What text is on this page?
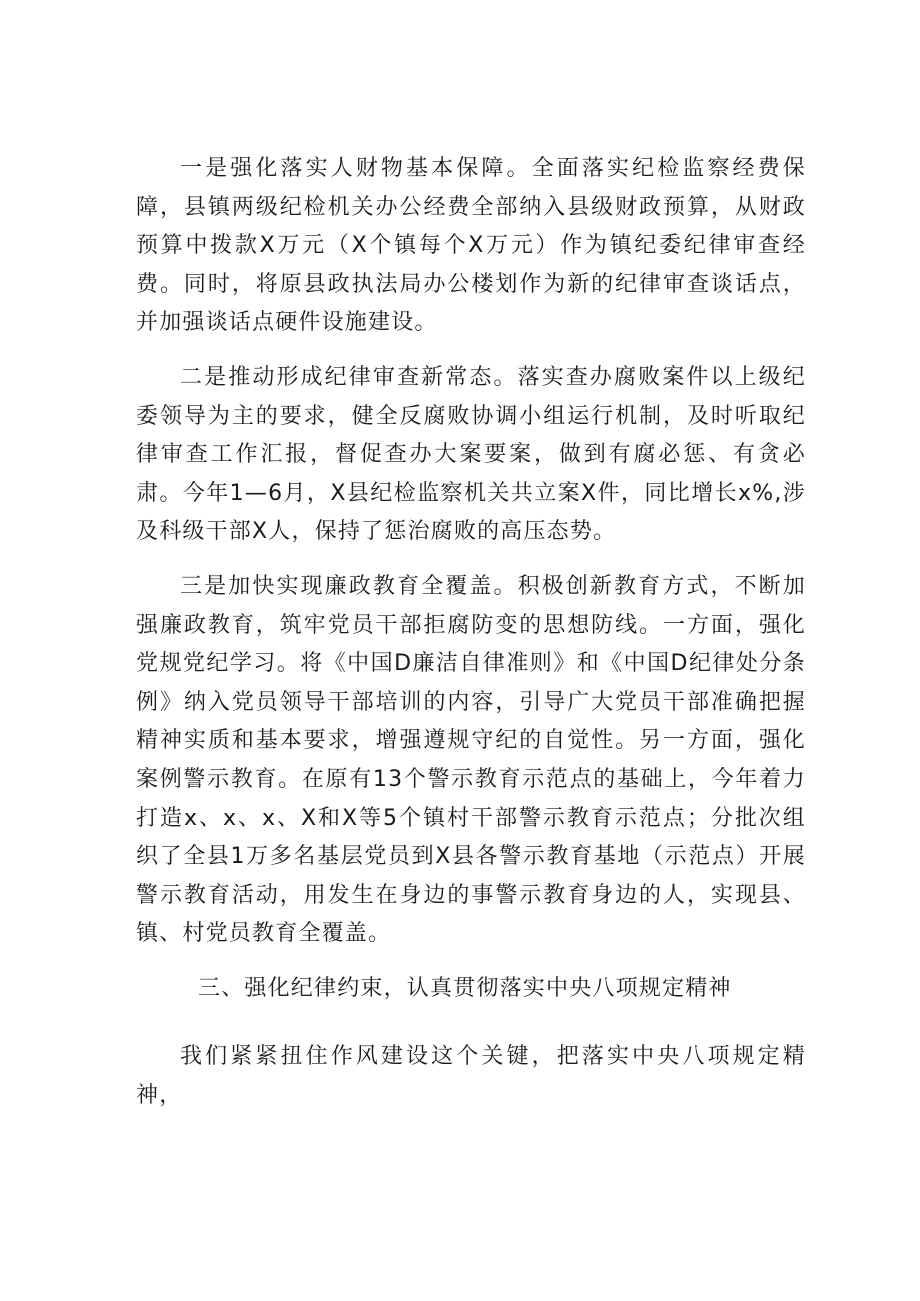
一是强化落实人财物基本保障。全面落实纪检监察经费保障，县镇两级纪检机关办公经费全部纳入县级财政预算，从财政预算中拨款X万元（X个镇每个X万元）作为镇纪委纪律审查经费。同时，将原县政执法局办公楼划作为新的纪律审查谈话点，并加强谈话点硬件设施建设。

二是推动形成纪律审查新常态。落实查办腐败案件以上级纪委领导为主的要求，健全反腐败协调小组运行机制，及时听取纪律审查工作汇报，督促查办大案要案，做到有腐必惩、有贪必肃。今年1—6月，X县纪检监察机关共立案X件，同比增长x%,涉及科级干部X人，保持了惩治腐败的高压态势。

三是加快实现廉政教育全覆盖。积极创新教育方式，不断加强廉政教育，筑牢党员干部拒腐防变的思想防线。一方面，强化党规党纪学习。将《中国D廉洁自律准则》和《中国D纪律处分条例》纳入党员领导干部培训的内容，引导广大党员干部准确把握精神实质和基本要求，增强遵规守纪的自觉性。另一方面，强化案例警示教育。在原有13个警示教育示范点的基础上，今年着力打造x、x、x、X和X等5个镇村干部警示教育示范点；分批次组织了全县1万多名基层党员到X县各警示教育基地（示范点）开展警示教育活动，用发生在身边的事警示教育身边的人，实现县、镇、村党员教育全覆盖。

三、强化纪律约束，认真贯彻落实中央八项规定精神

我们紧紧扭住作风建设这个关键，把落实中央八项规定精神，
